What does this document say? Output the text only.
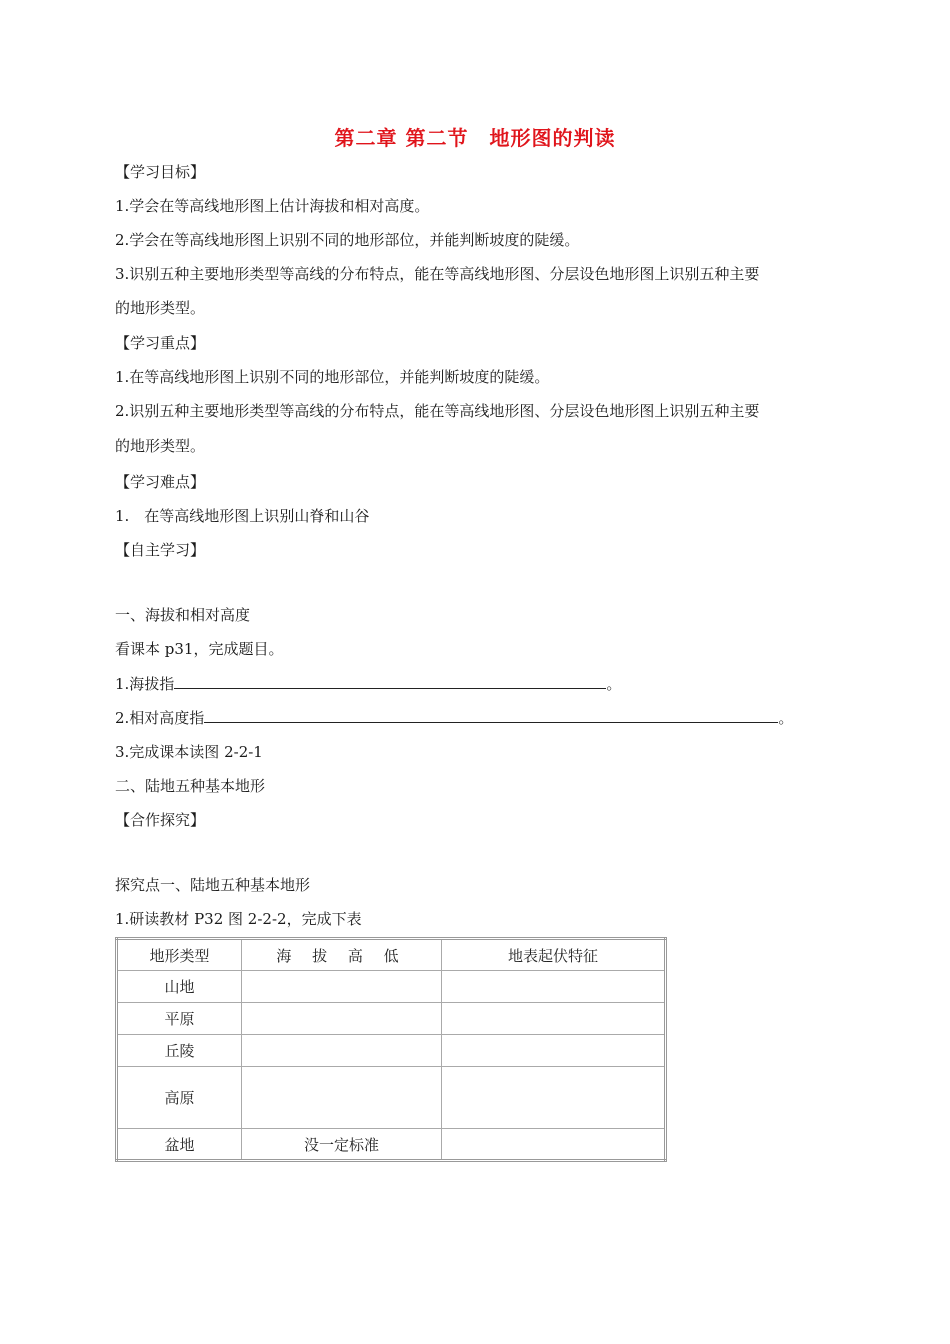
第二章 第二节　地形图的判读
【学习目标】
1.学会在等高线地形图上估计海拔和相对高度。
2.学会在等高线地形图上识别不同的地形部位，并能判断坡度的陡缓。
3.识别五种主要地形类型等高线的分布特点，能在等高线地形图、分层设色地形图上识别五种主要
的地形类型。
【学习重点】
1.在等高线地形图上识别不同的地形部位，并能判断坡度的陡缓。
2.识别五种主要地形类型等高线的分布特点，能在等高线地形图、分层设色地形图上识别五种主要
的地形类型。
【学习难点】
1.　在等高线地形图上识别山脊和山谷
【自主学习】
一、海拔和相对高度
看课本 p31，完成题目。
1.海拔指	。
2.相对高度指	。
3.完成课本读图 2-2-1
二、陆地五种基本地形
【合作探究】
探究点一、陆地五种基本地形
1.研读教材 P32 图 2-2-2，完成下表
地形类型	海 拔 高 低	地表起伏特征
山地		
平原		
丘陵		
高原		
盆地	没一定标准	
